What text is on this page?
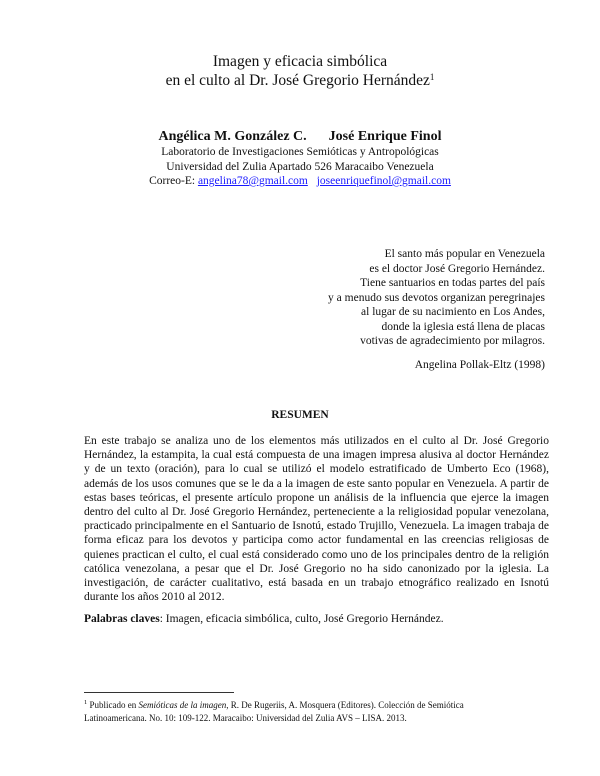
Imagen y eficacia simbólica
en el culto al Dr. José Gregorio Hernández$^1$
Angélica M. González C. José Enrique Finol
Laboratorio de Investigaciones Semióticas y Antropológicas
Universidad del Zulia Apartado 526 Maracaibo Venezuela
Correo-E: angelina78@gmail.com joseenriquefinol@gmail.com
El santo más popular en Venezuela
es el doctor José Gregorio Hernández.
Tiene santuarios en todas partes del país
y a menudo sus devotos organizan peregrinajes
al lugar de su nacimiento en Los Andes,
donde la iglesia está llena de placas
votivas de agradecimiento por milagros.
Angelina Pollak-Eltz (1998)
RESUMEN
En este trabajo se analiza uno de los elementos más utilizados en el culto al Dr. José Gregorio Hernández, la estampita, la cual está compuesta de una imagen impresa alusiva al doctor Hernández y de un texto (oración), para lo cual se utilizó el modelo estratificado de Umberto Eco (1968), además de los usos comunes que se le da a la imagen de este santo popular en Venezuela. A partir de estas bases teóricas, el presente artículo propone un análisis de la influencia que ejerce la imagen dentro del culto al Dr. José Gregorio Hernández, perteneciente a la religiosidad popular venezolana, practicado principalmente en el Santuario de Isnotú, estado Trujillo, Venezuela. La imagen trabaja de forma eficaz para los devotos y participa como actor fundamental en las creencias religiosas de quienes practican el culto, el cual está considerado como uno de los principales dentro de la religión católica venezolana, a pesar que el Dr. José Gregorio no ha sido canonizado por la iglesia. La investigación, de carácter cualitativo, está basada en un trabajo etnográfico realizado en Isnotú durante los años 2010 al 2012.
Palabras claves: Imagen, eficacia simbólica, culto, José Gregorio Hernández.
$^1$ Publicado en Semióticas de la imagen, R. De Rugeriis, A. Mosquera (Editores). Colección de Semiótica Latinoamericana. No. 10: 109-122. Maracaibo: Universidad del Zulia AVS – LISA. 2013.
